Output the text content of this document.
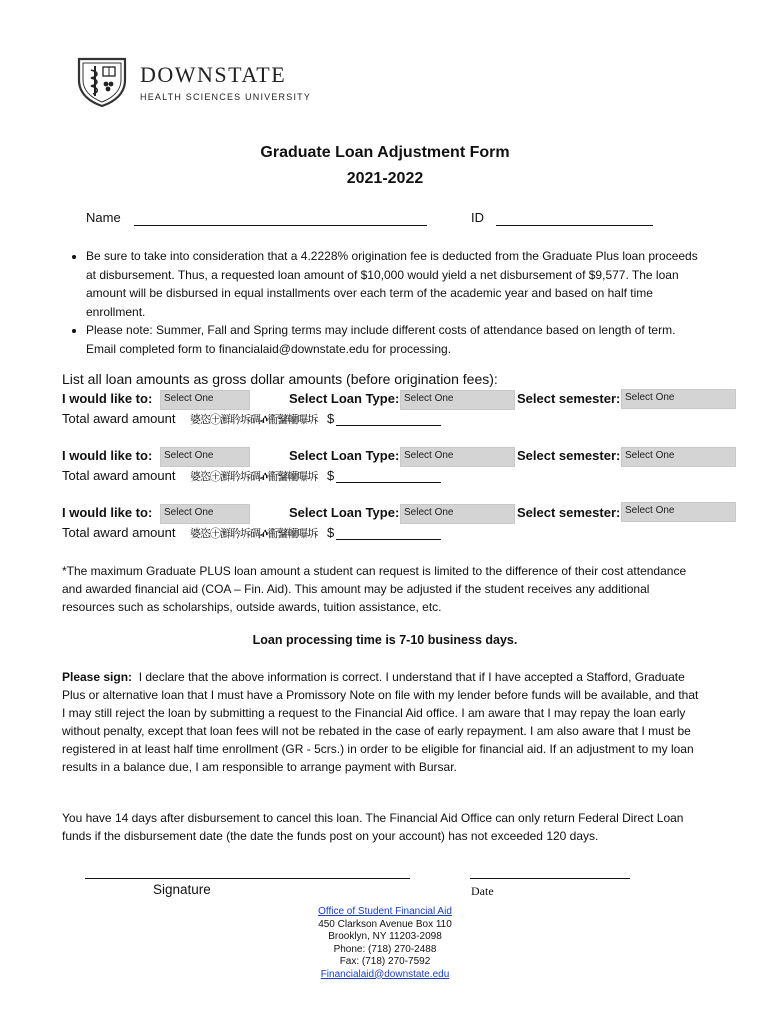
DOWNSTATE
HEALTH SCIENCES UNIVERSITY
Graduate Loan Adjustment Form
2021-2022
Name	ID
• Be sure to take into consideration that a 4.2228% origination fee is deducted from the Graduate Plus loan proceeds at disbursement. Thus, a requested loan amount of $10,000 would yield a net disbursement of $9,577. The loan amount will be disbursed in equal installments over each term of the academic year and based on half time enrollment.
• Please note: Summer, Fall and Spring terms may include different costs of attendance based on length of term. Email completed form to financialaid@downstate.edu for processing.
List all loan amounts as gross dollar amounts (before origination fees):
I would like to:	Select One	Select Loan Type: Select One	Select semester: Select One
Total award amount 婆恣㊉㶍耹坼碉ⶃ䘙鼜轥嚗坼 $
I would like to:	Select One	Select Loan Type: Select One	Select semester: Select One
Total award amount 婆恣㊉㶍耹坼碉ⶃ䘙鼜轥嚗坼 $
I would like to:	Select One	Select Loan Type: Select One	Select semester: Select One
Total award amount 婆恣㊉㶍耹坼碉ⶃ䘙鼜轥嚗坼 $
*The maximum Graduate PLUS loan amount a student can request is limited to the difference of their cost attendance and awarded financial aid (COA – Fin. Aid). This amount may be adjusted if the student receives any additional resources such as scholarships, outside awards, tuition assistance, etc.
Loan processing time is 7-10 business days.
Please sign: I declare that the above information is correct. I understand that if I have accepted a Stafford, Graduate Plus or alternative loan that I must have a Promissory Note on file with my lender before funds will be available, and that I may still reject the loan by submitting a request to the Financial Aid office. I am aware that I may repay the loan early without penalty, except that loan fees will not be rebated in the case of early repayment. I am also aware that I must be registered in at least half time enrollment (GR - 5crs.) in order to be eligible for financial aid. If an adjustment to my loan results in a balance due, I am responsible to arrange payment with Bursar.
You have 14 days after disbursement to cancel this loan. The Financial Aid Office can only return Federal Direct Loan funds if the disbursement date (the date the funds post on your account) has not exceeded 120 days.
Signature	Date
Office of Student Financial Aid
450 Clarkson Avenue Box 110
Brooklyn, NY 11203-2098
Phone: (718) 270-2488
Fax: (718) 270-7592
Financialaid@downstate.edu
